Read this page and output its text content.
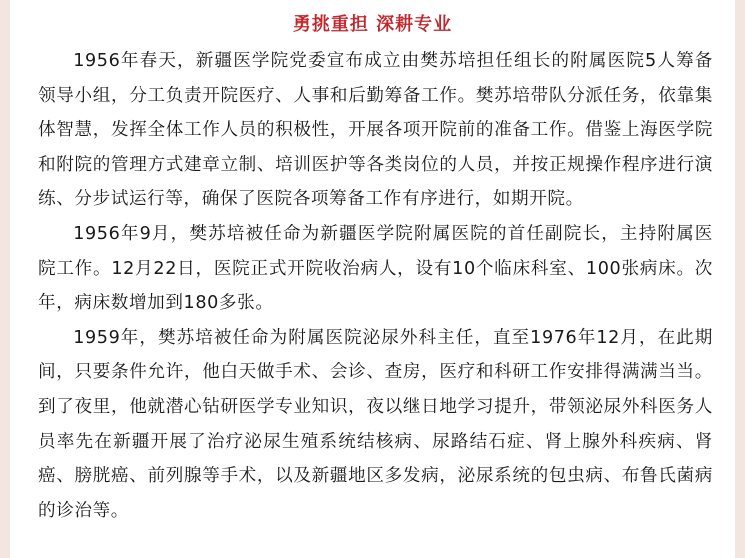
勇挑重担 深耕专业

1956年春天，新疆医学院党委宣布成立由樊苏培担任组长的附属医院5人筹备领导小组，分工负责开院医疗、人事和后勤筹备工作。樊苏培带队分派任务，依靠集体智慧，发挥全体工作人员的积极性，开展各项开院前的准备工作。借鉴上海医学院和附院的管理方式建章立制、培训医护等各类岗位的人员，并按正规操作程序进行演练、分步试运行等，确保了医院各项筹备工作有序进行，如期开院。

1956年9月，樊苏培被任命为新疆医学院附属医院的首任副院长，主持附属医院工作。12月22日，医院正式开院收治病人，设有10个临床科室、100张病床。次年，病床数增加到180多张。

1959年，樊苏培被任命为附属医院泌尿外科主任，直至1976年12月，在此期间，只要条件允许，他白天做手术、会诊、查房，医疗和科研工作安排得满满当当。到了夜里，他就潜心钻研医学专业知识，夜以继日地学习提升，带领泌尿外科医务人员率先在新疆开展了治疗泌尿生殖系统结核病、尿路结石症、肾上腺外科疾病、肾癌、膀胱癌、前列腺等手术，以及新疆地区多发病，泌尿系统的包虫病、布鲁氏菌病的诊治等。
